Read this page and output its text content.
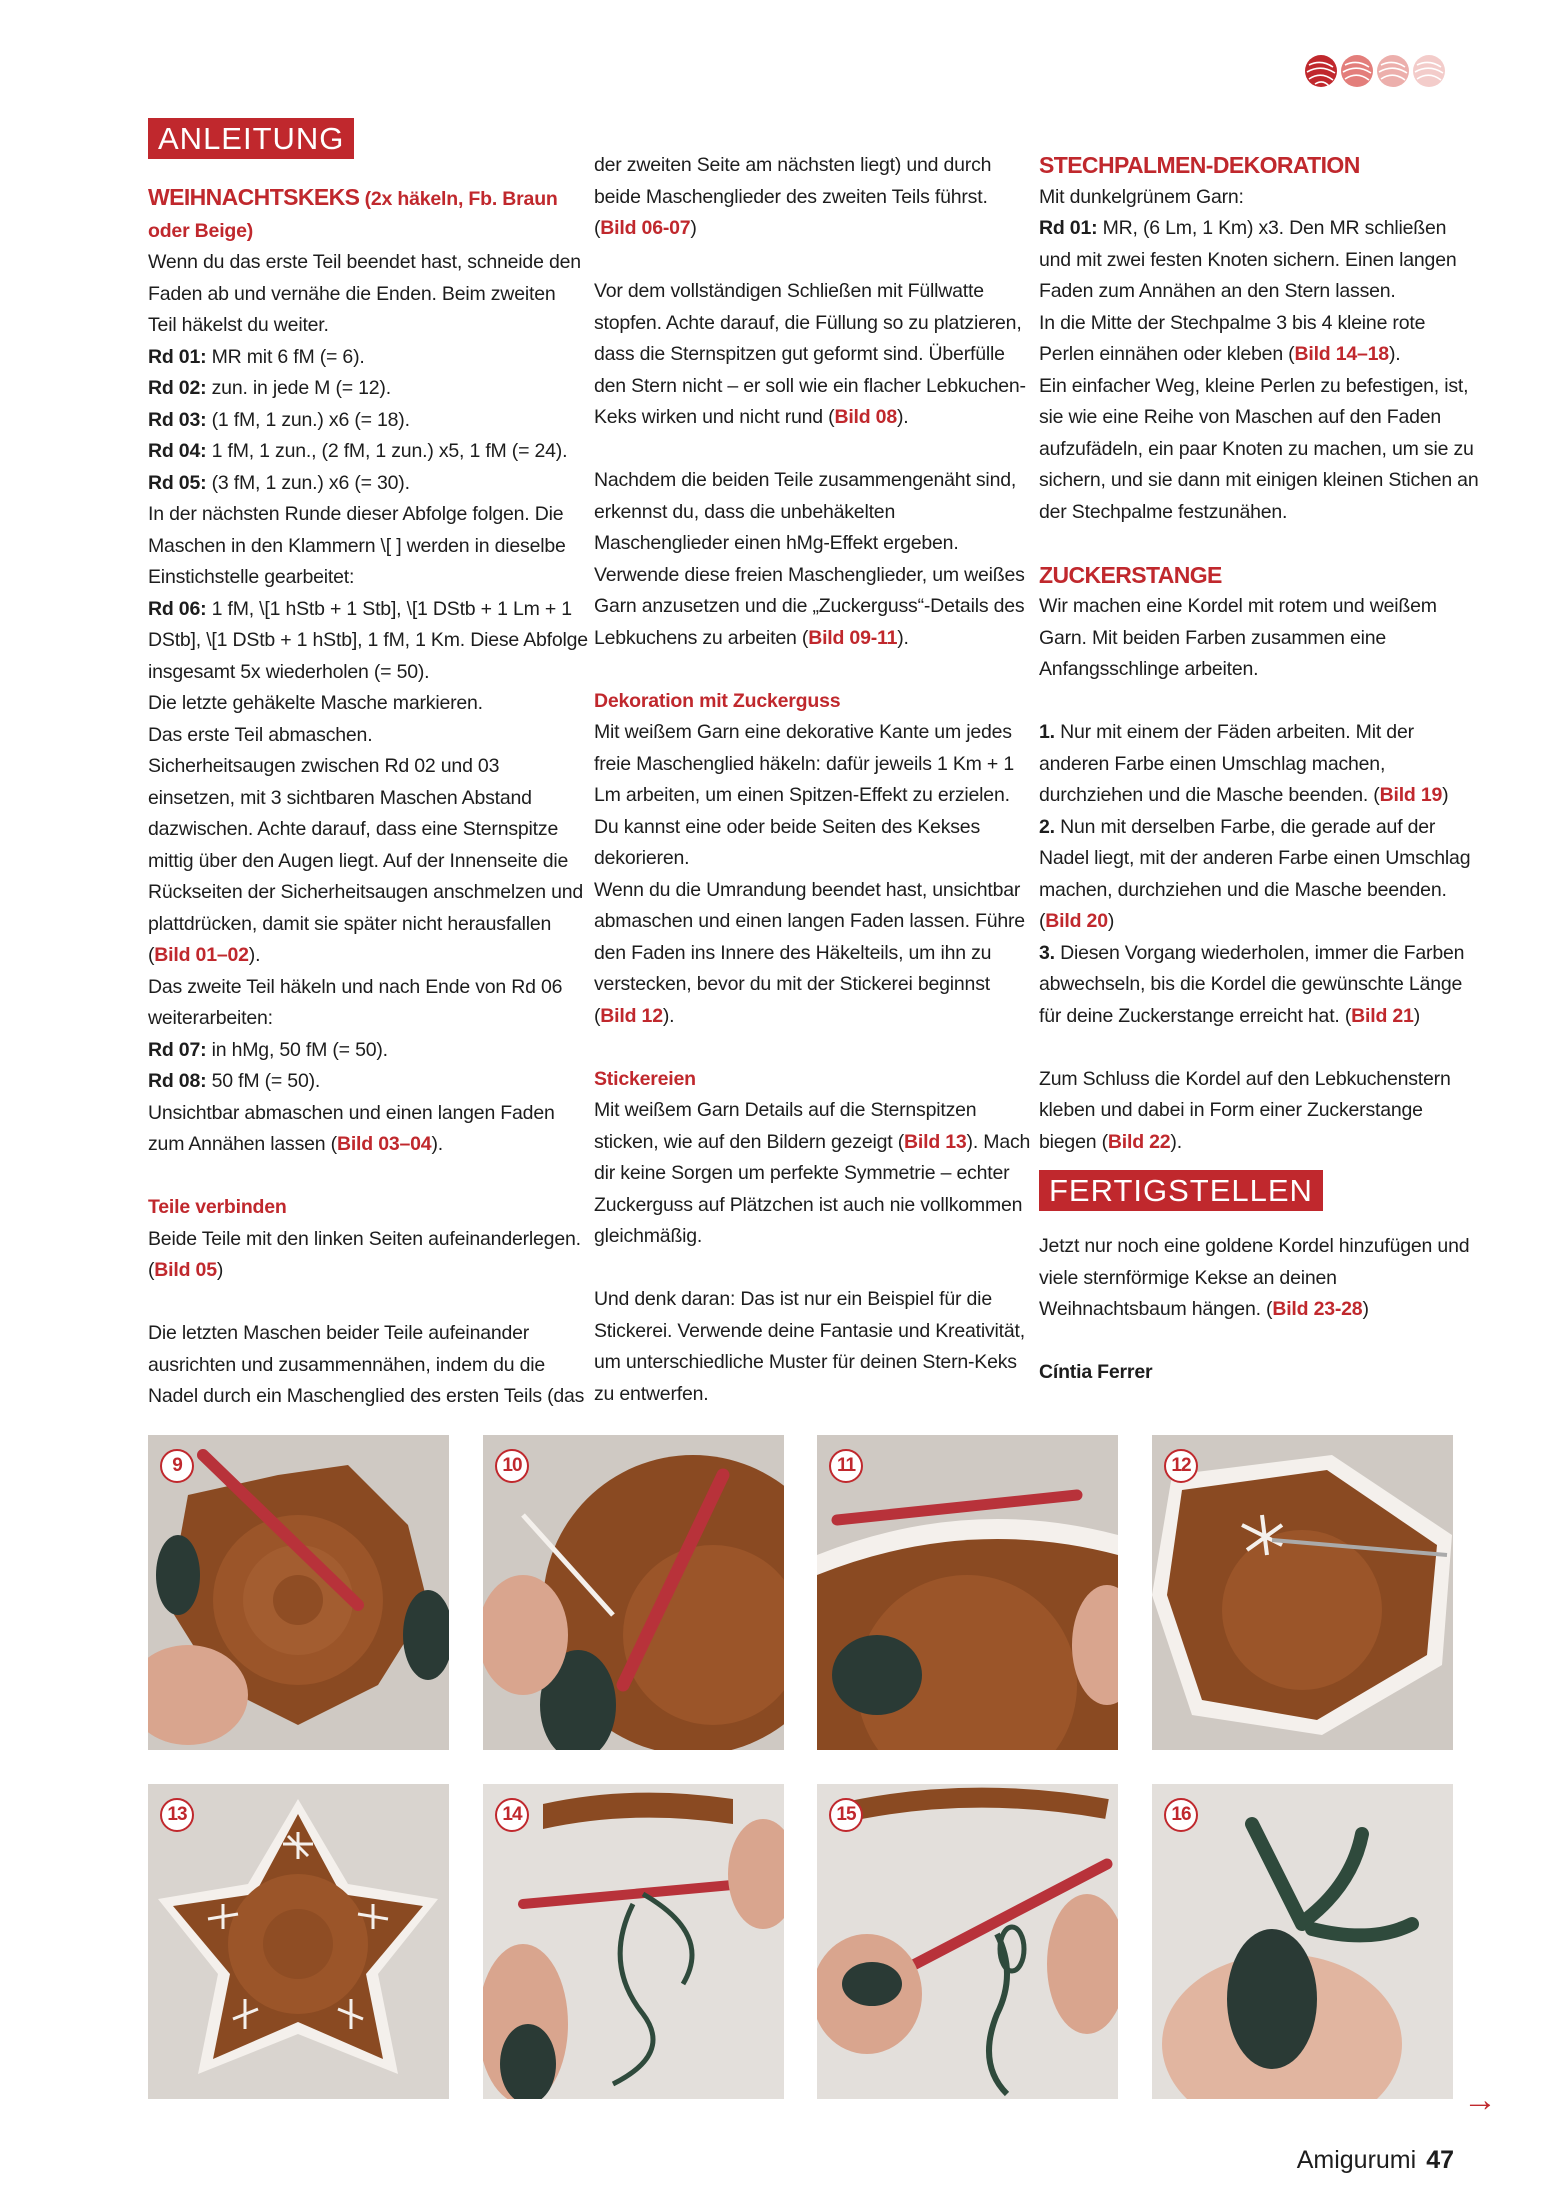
ANLEITUNG

WEIHNACHTSKEKS (2x häkeln, Fb. Braun oder Beige)

Wenn du das erste Teil beendet hast, schneide den Faden ab und vernähe die Enden. Beim zweiten Teil häkelst du weiter.

Rd 01: MR mit 6 fM (= 6).

Rd 02: zun. in jede M (= 12).

Rd 03: (1 fM, 1 zun.) x6 (= 18).

Rd 04: 1 fM, 1 zun., (2 fM, 1 zun.) x5, 1 fM (= 24).

Rd 05: (3 fM, 1 zun.) x6 (= 30).

In der nächsten Runde dieser Abfolge folgen. Die Maschen in den Klammern \[ ] werden in dieselbe Einstichstelle gearbeitet:

Rd 06: 1 fM, \[1 hStb + 1 Stb], \[1 DStb + 1 Lm + 1 DStb], \[1 DStb + 1 hStb], 1 fM, 1 Km. Diese Abfolge insgesamt 5x wiederholen (= 50).

Die letzte gehäkelte Masche markieren.

Das erste Teil abmaschen.

Sicherheitsaugen zwischen Rd 02 und 03 einsetzen, mit 3 sichtbaren Maschen Abstand dazwischen. Achte darauf, dass eine Sternspitze mittig über den Augen liegt. Auf der Innenseite die Rückseiten der Sicherheitsaugen anschmelzen und plattdrücken, damit sie später nicht herausfallen (Bild 01–02).

Das zweite Teil häkeln und nach Ende von Rd 06 weiterarbeiten:

Rd 07: in hMg, 50 fM (= 50).

Rd 08: 50 fM (= 50).

Unsichtbar abmaschen und einen langen Faden zum Annähen lassen (Bild 03–04).

Teile verbinden

Beide Teile mit den linken Seiten aufeinanderlegen. (Bild 05)

Die letzten Maschen beider Teile aufeinander ausrichten und zusammennähen, indem du die Nadel durch ein Maschenglied des ersten Teils (das

der zweiten Seite am nächsten liegt) und durch beide Maschenglieder des zweiten Teils führst. (Bild 06-07)

Vor dem vollständigen Schließen mit Füllwatte stopfen. Achte darauf, die Füllung so zu platzieren, dass die Sternspitzen gut geformt sind. Überfülle den Stern nicht – er soll wie ein flacher Lebkuchen-Keks wirken und nicht rund (Bild 08).

Nachdem die beiden Teile zusammengenäht sind, erkennst du, dass die unbehäkelten Maschenglieder einen hMg-Effekt ergeben. Verwende diese freien Maschenglieder, um weißes Garn anzusetzen und die „Zuckerguss“-Details des Lebkuchens zu arbeiten (Bild 09-11).

Dekoration mit Zuckerguss

Mit weißem Garn eine dekorative Kante um jedes freie Maschenglied häkeln: dafür jeweils 1 Km + 1 Lm arbeiten, um einen Spitzen-Effekt zu erzielen. Du kannst eine oder beide Seiten des Kekses dekorieren.

Wenn du die Umrandung beendet hast, unsichtbar abmaschen und einen langen Faden lassen. Führe den Faden ins Innere des Häkelteils, um ihn zu verstecken, bevor du mit der Stickerei beginnst (Bild 12).

Stickereien

Mit weißem Garn Details auf die Sternspitzen sticken, wie auf den Bildern gezeigt (Bild 13). Mach dir keine Sorgen um perfekte Symmetrie – echter Zuckerguss auf Plätzchen ist auch nie vollkommen gleichmäßig.

Und denk daran: Das ist nur ein Beispiel für die Stickerei. Verwende deine Fantasie und Kreativität, um unterschiedliche Muster für deinen Stern-Keks zu entwerfen.

STECHPALMEN-DEKORATION

Mit dunkelgrünem Garn:

Rd 01: MR, (6 Lm, 1 Km) x3. Den MR schließen und mit zwei festen Knoten sichern. Einen langen Faden zum Annähen an den Stern lassen.

In die Mitte der Stechpalme 3 bis 4 kleine rote Perlen einnähen oder kleben (Bild 14–18).

Ein einfacher Weg, kleine Perlen zu befestigen, ist, sie wie eine Reihe von Maschen auf den Faden aufzufädeln, ein paar Knoten zu machen, um sie zu sichern, und sie dann mit einigen kleinen Stichen an der Stechpalme festzunähen.

ZUCKERSTANGE

Wir machen eine Kordel mit rotem und weißem Garn. Mit beiden Farben zusammen eine Anfangsschlinge arbeiten.

1. Nur mit einem der Fäden arbeiten. Mit der anderen Farbe einen Umschlag machen, durchziehen und die Masche beenden. (Bild 19)

2. Nun mit derselben Farbe, die gerade auf der Nadel liegt, mit der anderen Farbe einen Umschlag machen, durchziehen und die Masche beenden. (Bild 20)

3. Diesen Vorgang wiederholen, immer die Farben abwechseln, bis die Kordel die gewünschte Länge für deine Zuckerstange erreicht hat. (Bild 21)

Zum Schluss die Kordel auf den Lebkuchenstern kleben und dabei in Form einer Zuckerstange biegen (Bild 22).

FERTIGSTELLEN

Jetzt nur noch eine goldene Kordel hinzufügen und viele sternförmige Kekse an deinen Weihnachtsbaum hängen. (Bild 23-28)

Cíntia Ferrer

9	10	11	12
13	14	15	16
→
Amigurumi 47
